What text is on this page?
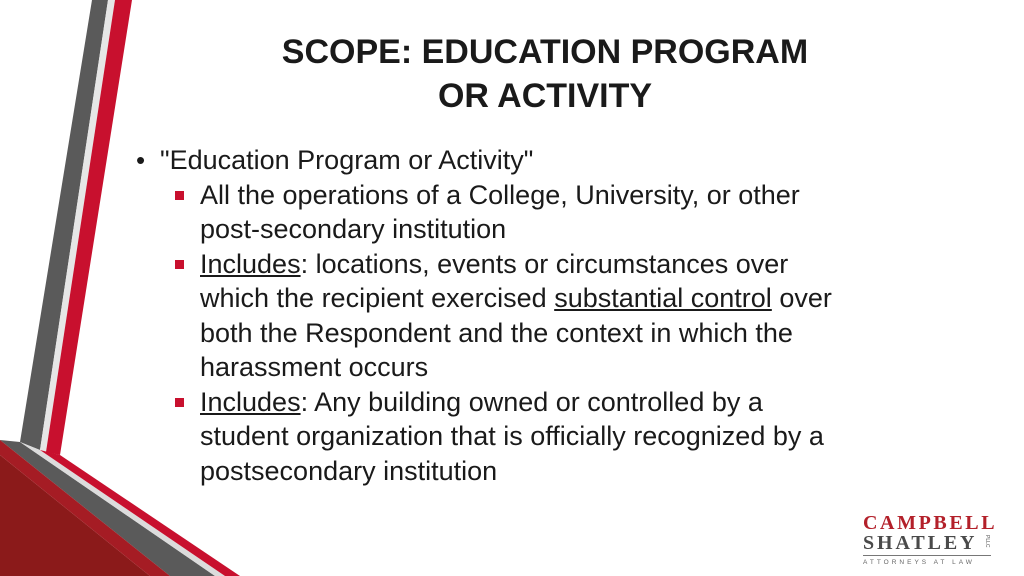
SCOPE: EDUCATION PROGRAM
OR ACTIVITY
• "Education Program or Activity"
All the operations of a College, University, or other
post-secondary institution
Includes: locations, events or circumstances over
which the recipient exercised substantial control over
both the Respondent and the context in which the
harassment occurs
Includes: Any building owned or controlled by a
student organization that is officially recognized by a
postsecondary institution
CAMPBELL
SHATLEY	PLLC
ATTORNEYS AT LAW
